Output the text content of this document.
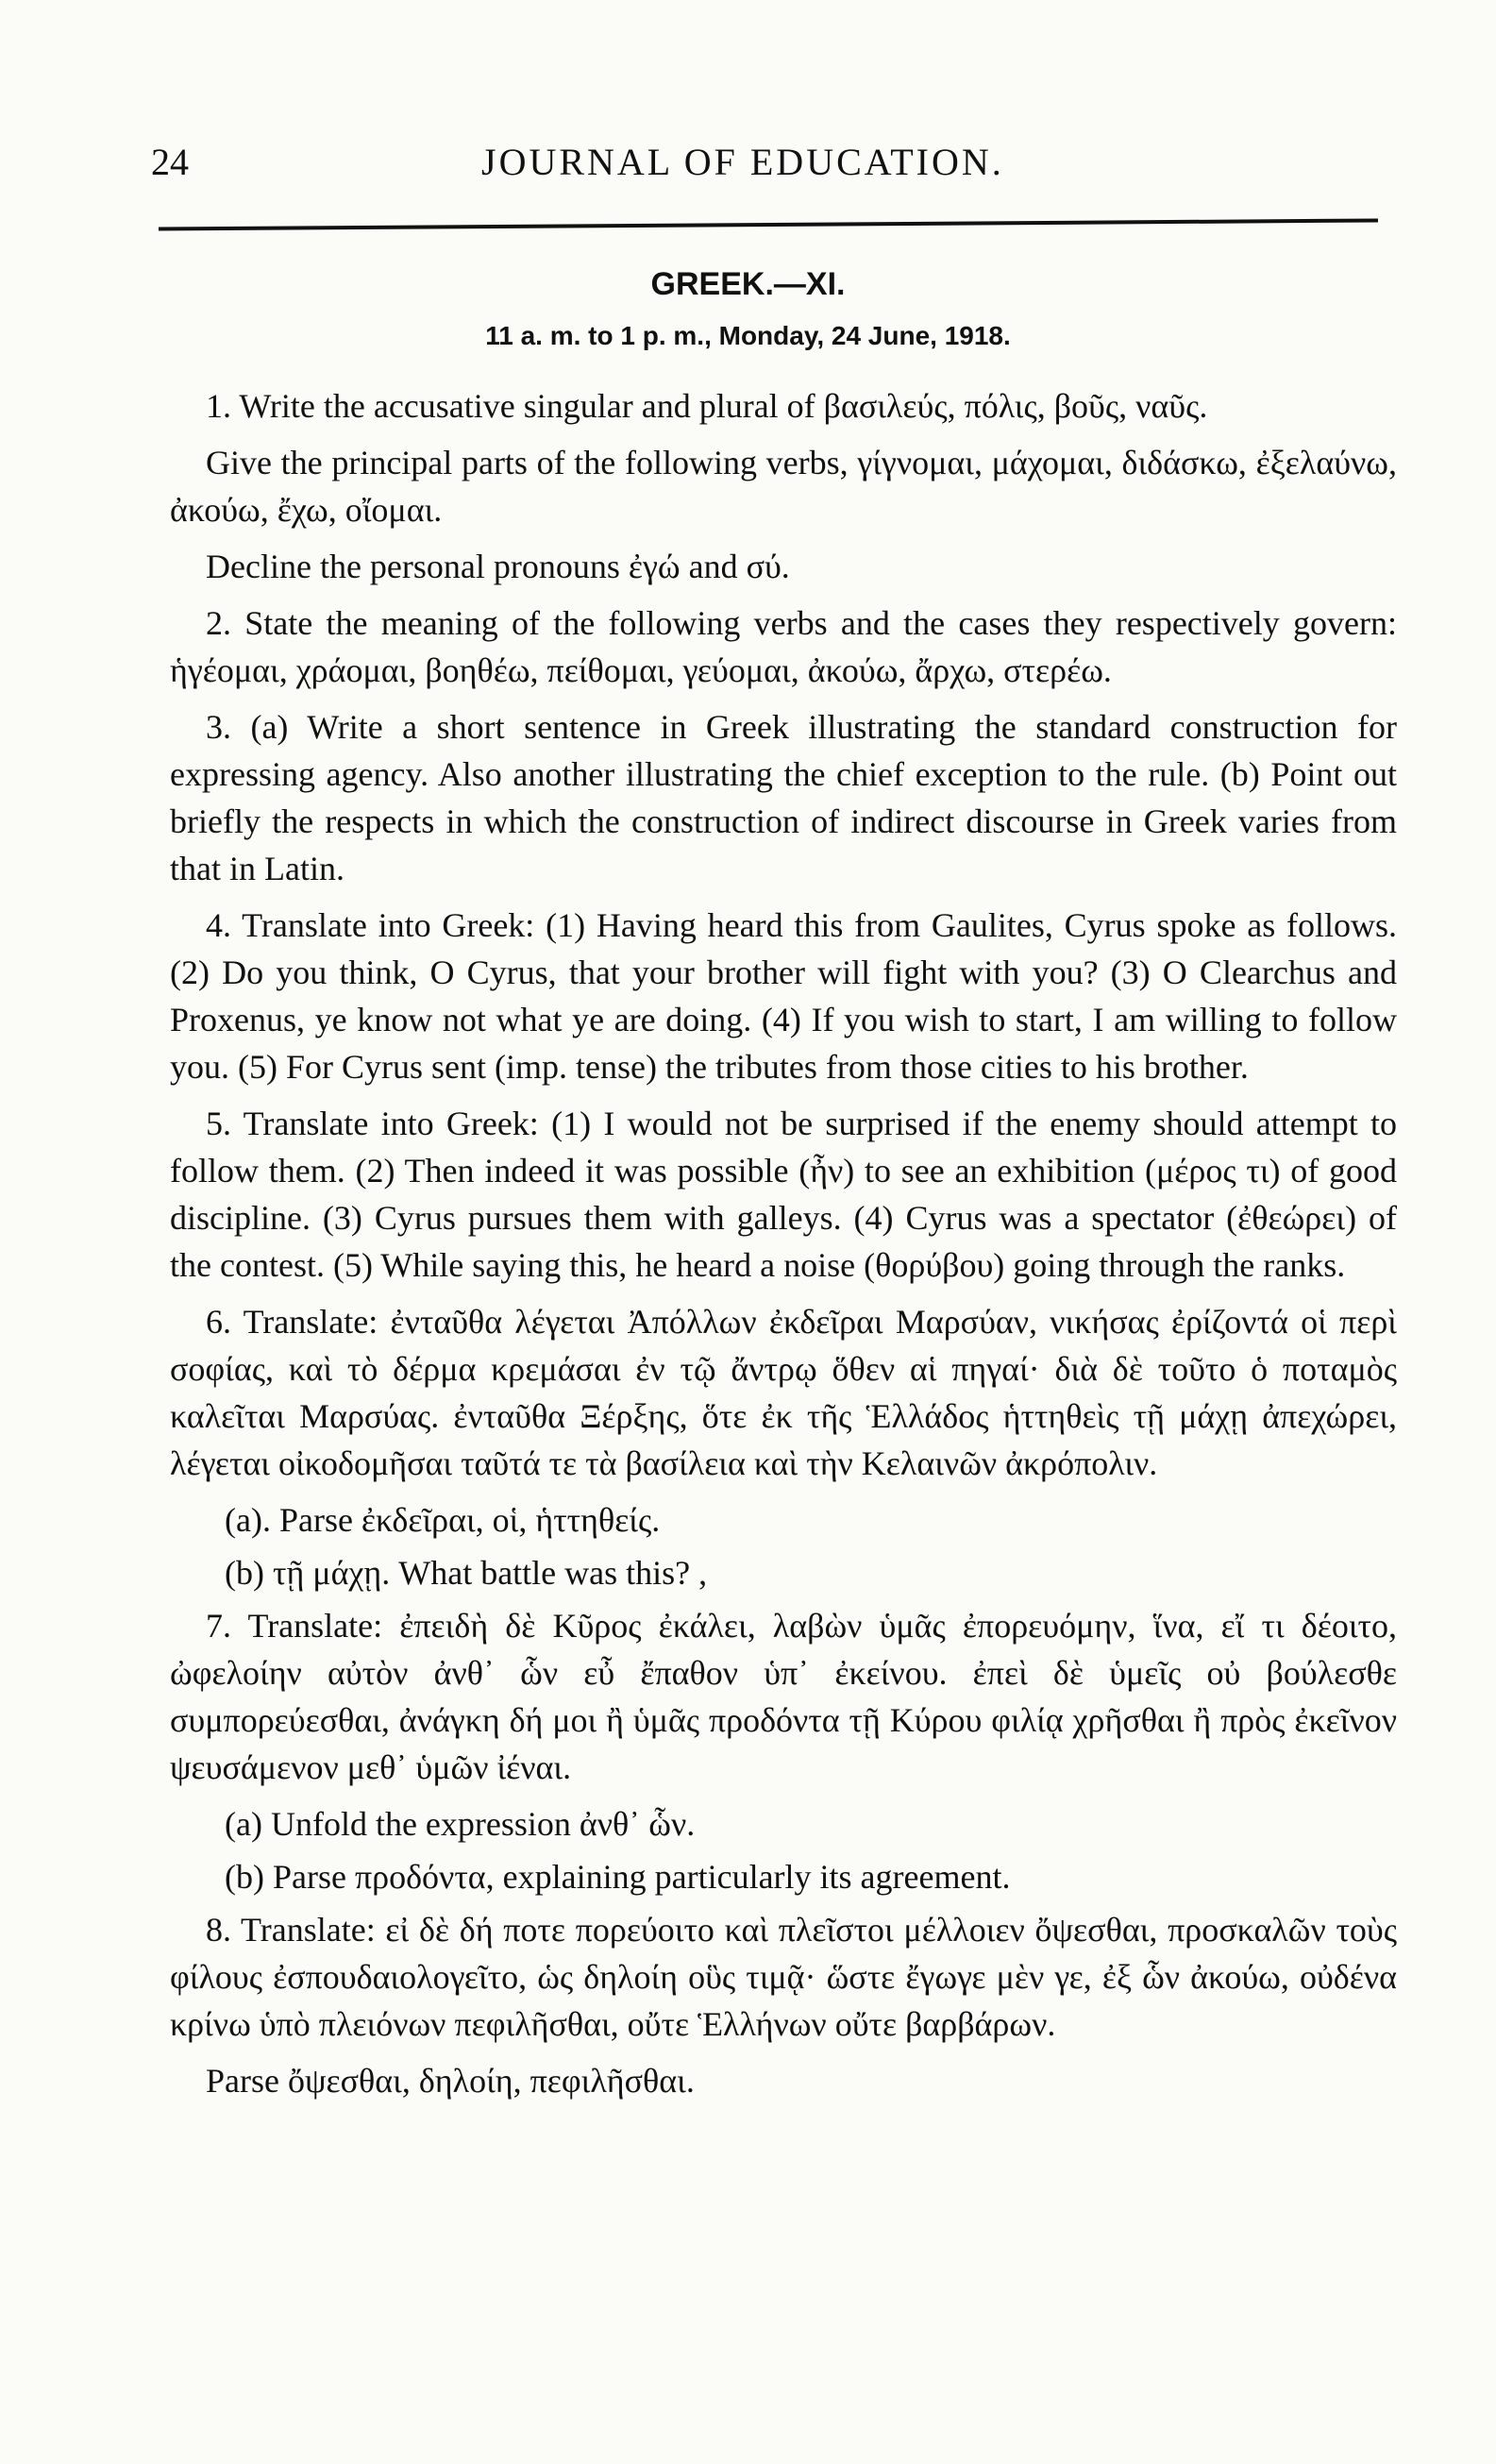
24	JOURNAL OF EDUCATION.
GREEK.—XI.
11 a. m. to 1 p. m., Monday, 24 June, 1918.

1. Write the accusative singular and plural of βασιλεύς, πόλις, βοῦς, ναῦς.

Give the principal parts of the following verbs, γίγνομαι, μάχομαι, διδάσκω, ἐξελαύνω, ἀκούω, ἔχω, οἴομαι.

Decline the personal pronouns ἐγώ and σύ.

2. State the meaning of the following verbs and the cases they respectively govern: ἡγέομαι, χράομαι, βοηθέω, πείθομαι, γεύομαι, ἀκούω, ἄρχω, στερέω.

3. (a) Write a short sentence in Greek illustrating the standard construction for expressing agency. Also another illustrating the chief exception to the rule. (b) Point out briefly the respects in which the construction of indirect discourse in Greek varies from that in Latin.

4. Translate into Greek: (1) Having heard this from Gaulites, Cyrus spoke as follows. (2) Do you think, O Cyrus, that your brother will fight with you? (3) O Clearchus and Proxenus, ye know not what ye are doing. (4) If you wish to start, I am willing to follow you. (5) For Cyrus sent (imp. tense) the tributes from those cities to his brother.

5. Translate into Greek: (1) I would not be surprised if the enemy should attempt to follow them. (2) Then indeed it was possible (ἦν) to see an exhibition (μέρος τι) of good discipline. (3) Cyrus pursues them with galleys. (4) Cyrus was a spectator (ἐθεώρει) of the contest. (5) While saying this, he heard a noise (θορύβου) going through the ranks.

6. Translate: ἐνταῦθα λέγεται Ἀπόλλων ἐκδεῖραι Μαρσύαν, νικήσας ἐρίζοντά οἱ περὶ σοφίας, καὶ τὸ δέρμα κρεμάσαι ἐν τῷ ἄντρῳ ὅθεν αἱ πηγαί· διὰ δὲ τοῦτο ὁ ποταμὸς καλεῖται Μαρσύας. ἐνταῦθα Ξέρξης, ὅτε ἐκ τῆς Ἑλλάδος ἡττηθεὶς τῇ μάχῃ ἀπεχώρει, λέγεται οἰκοδομῆσαι ταῦτά τε τὰ βασίλεια καὶ τὴν Κελαινῶν ἀκρόπολιν.

(a). Parse ἐκδεῖραι, οἱ, ἡττηθείς.

(b) τῇ μάχῃ. What battle was this? ,

7. Translate: ἐπειδὴ δὲ Κῦρος ἐκάλει, λαβὼν ὑμᾶς ἐπορευόμην, ἵνα, εἴ τι δέοιτο, ὠφελοίην αὐτὸν ἀνθ᾽ ὧν εὖ ἔπαθον ὑπ᾽ ἐκείνου. ἐπεὶ δὲ ὑμεῖς οὐ βούλεσθε συμπορεύεσθαι, ἀνάγκη δή μοι ἢ ὑμᾶς προδόντα τῇ Κύρου φιλίᾳ χρῆσθαι ἢ πρὸς ἐκεῖνον ψευσάμενον μεθ᾽ ὑμῶν ἰέναι.

(a) Unfold the expression ἀνθ᾽ ὧν.

(b) Parse προδόντα, explaining particularly its agreement.

8. Translate: εἰ δὲ δή ποτε πορεύοιτο καὶ πλεῖστοι μέλλοιεν ὄψεσθαι, προσκαλῶν τοὺς φίλους ἐσπουδαιολογεῖτο, ὡς δηλοίη οὓς τιμᾷ· ὥστε ἔγωγε μὲν γε, ἐξ ὧν ἀκούω, οὐδένα κρίνω ὑπὸ πλειόνων πεφιλῆσθαι, οὔτε Ἑλλήνων οὔτε βαρβάρων.

Parse ὄψεσθαι, δηλοίη, πεφιλῆσθαι.
